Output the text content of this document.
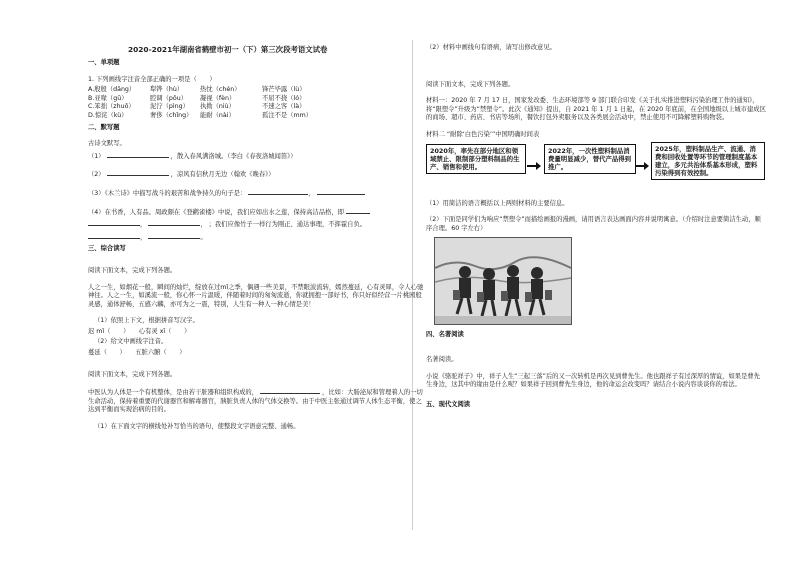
2020-2021年湖南省鹤壁市初一（下）第三次段考语文试卷
一、单项题

1. 下列画线字注音全部正确的一项是（　　）

A.殷殷（dāng）	犁铧（hù）	热忱（chén）	锋芒毕露（lù）
B.亚喙（gū）	腔调（pǒu）	凝视（fèn）	不屈不挠（ló）
C.笨拙（zhuō）	泥泞（pìng）	执拗（niù）	不速之客（là）
D.惊诧（kù）	奢侈（chǐng） 能耐（nài）	孤注不是（mm）
二、默写题

古诗文默写。

（1）	，散入春风满洛城。（李白《春夜洛城闻笛》）

（2）	，凉风有信秋月无边（翰欢《晚春》）

（3）《木兰诗》中描写战斗的艰苦和战争持久的句子是：	，

（4）在书香，人有品。周政颇在《登鹳雀楼》中说，我们应如出水之莲，保持高洁品格，即

，	， ；我们应像竹子一样行为刚正、通达事理，不挥霍自负。

，	。

三、综合读写

阅读下面文本，完成下列各题。

人之一生，如烟花一般，瞬间的灿烂，绽放在过mǐ之季，偶遇一些美景，不禁眼波流转，嫣然蔓延，心有灵犀，令人心驰神往。人之一生，如溪流一般，你心怀一片温暖，伴随着时间的匆匆流逝，你就拥抱一部好书，你只好似经营一片桃园般灵感，通体舒畅，五感六麟，亦可为之一震，特别，人生有一种人一种心情是美！

（1）依照上下文，根据拼音写汉字。

迟 mǐ（　　）　　心有灵 xī（　　）

（2）给文中画线字注音。

蔓延（　　）　　五脏六腑（　　）

阅读下面文本，完成下列各题。

中医认为人体是一个有机整体，是由若干脏器和组织构成的，	，比如：大肠泌尿和管理着人的一切生命活动，保持着重要的代谢器官和解毒器官，胰脏负责人体的气体交换等。由于中医主张通过调节人体生态平衡，使之达到平衡而实现治病的目的。

（1）在下面文字的横线处补写恰当的语句，使整段文字语意完整、通畅。

（2）材料中画线句有语病，请写出修改意见。

阅读下面文本，完成下列各题。

材料一：2020 年 7 月 17 日，国家发改委、生态环境部等 9 部门联合印发《关于扎实推进塑料污染治理工作的通知》，将“限塑令”升级为“禁塑令”。此次《通知》提出，自 2021 年 1 月 1 日起，在 2020 年底前，在全国地级以上城市建成区的商场、超市、药店、书店等场所，餐饮打包外卖服务以及各类展会活动中，禁止使用不可降解塑料购物袋。

材料二 “耐除‘白色污染’”中国明确时间表

2020年，率先在部分地区和领域禁止、限制部分塑料制品的生产、销售和使用。
2022年，一次性塑料制品消费量明显减少，替代产品得到推广。
2025年，塑料制品生产、流通、消费和回收处置等环节的管理制度基本建立，多元共治体系基本形成，塑料污染得到有效控制。

（1）用简洁的语言概括以上两则材料的主要信息。

（2）下面是同学们为响应“禁塑令”而描绘画报的漫画，请用语言表达画面内容并说明寓意。（介绍时注意要简洁生动，顺序合理。60 字左右）

四、名著阅读

名著阅读。

小说《骆驼祥子》中，祥子人生“三起三落”后的又一次转机是再次见到曹先生。他也跟祥子有过深厚的情谊，如果是曹先生身边，这其中的缘由是什么呢？如果祥子回到曹先生身边，他的命运会改变吗？请结合小说内容谈谈你的看法。

五、现代文阅读
